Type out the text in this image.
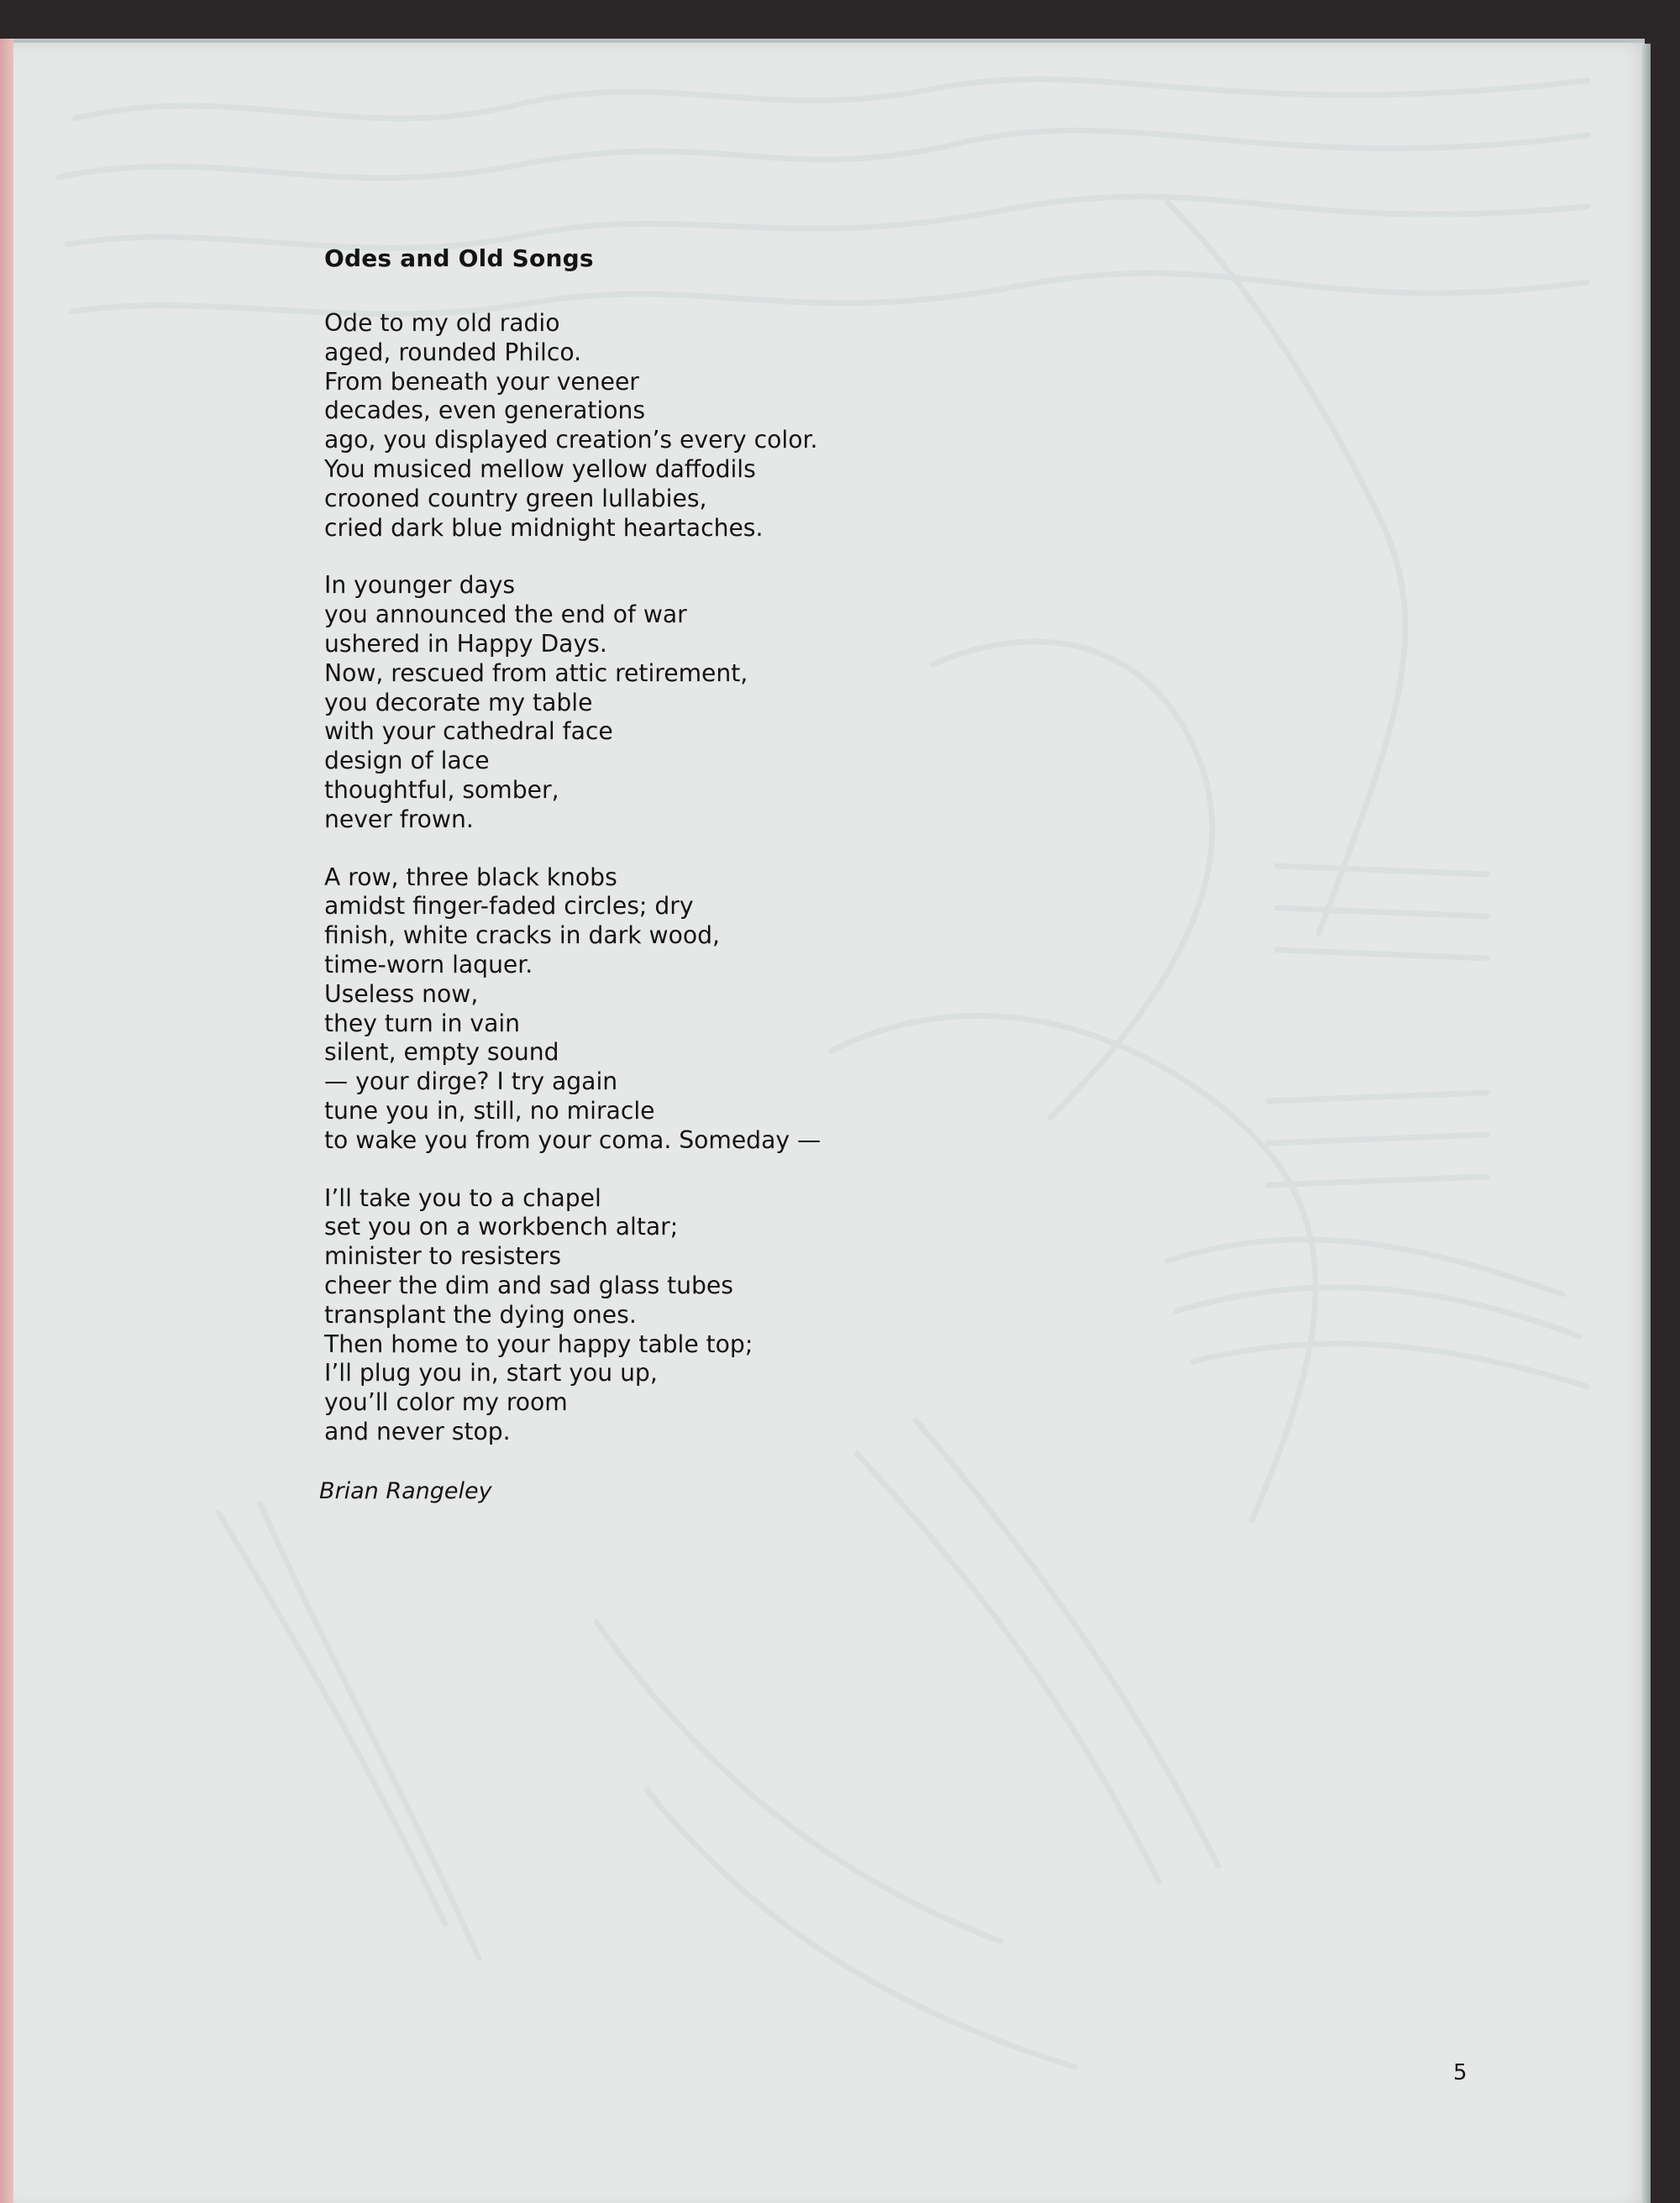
5
Odes and Old Songs
Ode to my old radio
aged, rounded Philco.
From beneath your veneer
decades, even generations
ago, you displayed creation’s every color.
You musiced mellow yellow daffodils
crooned country green lullabies,
cried dark blue midnight heartaches.
In younger days
you announced the end of war
ushered in Happy Days.
Now, rescued from attic retirement,
you decorate my table
with your cathedral face
design of lace
thoughtful, somber,
never frown.
A row, three black knobs
amidst finger-faded circles; dry
finish, white cracks in dark wood,
time-worn laquer.
Useless now,
they turn in vain
silent, empty sound
— your dirge? I try again
tune you in, still, no miracle
to wake you from your coma. Someday —
I’ll take you to a chapel
set you on a workbench altar;
minister to resisters
cheer the dim and sad glass tubes
transplant the dying ones.
Then home to your happy table top;
I’ll plug you in, start you up,
you’ll color my room
and never stop.
Brian Rangeley
